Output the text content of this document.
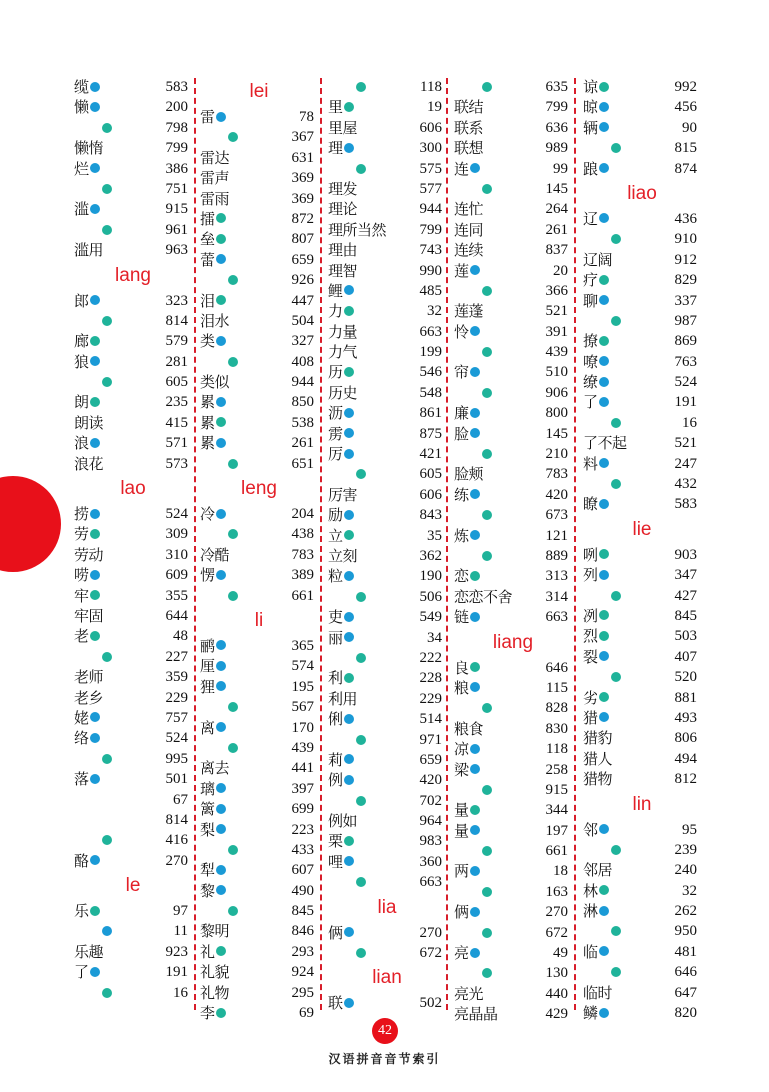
缆	583
懒	200
798
懒惰	799
烂	386
751
滥	915
961
滥用	963
lang
郎	323
814
廊	579
狼	281
605
朗	235
朗读	415
浪	571
浪花	573
lao
捞	524
劳	309
劳动	310
唠	609
牢	355
牢固	644
老	48
227
老师	359
老乡	229
姥	757
络	524
995
落	501
67
814
416
酪	270
le
乐	97
11
乐趣	923
了	191
16
lei
雷	78
367
雷达	631
雷声	369
雷雨	369
擂	872
垒	807
蕾	659
926
泪	447
泪水	504
类	327
408
类似	944
累	850
累	538
累	261
651
leng
冷	204
438
冷酷	783
愣	389
661
li
鹂	365
厘	574
狸	195
567
离	170
439
离去	441
璃	397
篱	699
梨	223
433
犁	607
黎	490
845
黎明	846
礼	293
礼貌	924
礼物	295
李	69
118
里	19
里屋	606
理	300
575
理发	577
理论	944
理所当然 799
理由	743
理智	990
鲤	485
力	32
力量	663
力气	199
历	546
历史	548
沥	861
雳	875
厉	421
605
厉害	606
励	843
立	35
立刻	362
粒	190
506
吏	549
丽	34
222
利	228
利用	229
俐	514
971
莉	659
例	420
702
例如	964
栗	983
哩	360
663
lia
俩	270
672
lian
联	502
635
联结	799
联系	636
联想	989
连	99
145
连忙	264
连同	261
连续	837
莲	20
366
莲蓬	521
怜	391
439
帘	510
906
廉	800
脸	145
210
脸颊	783
练	420
673
炼	121
889
恋	313
恋恋不舍 314
链	663
liang
良	646
粮	115
828
粮食	830
凉	118
梁	258
915
量	344
量	197
661
两	18
163
俩	270
672
亮	49
130
亮光	440
亮晶晶	429
谅	992
晾	456
辆	90
815
踉	874
liao
辽	436
910
辽阔	912
疗	829
聊	337
987
撩	869
嘹	763
缭	524
了	191
16
了不起	521
料	247
432
瞭	583
lie
咧	903
列	347
427
冽	845
烈	503
裂	407
520
劣	881
猎	493
猎豹	806
猎人	494
猎物	812
lin
邻	95
239
邻居	240
林	32
淋	262
950
临	481
646
临时	647
鳞	820
42
汉语拼音音节索引
